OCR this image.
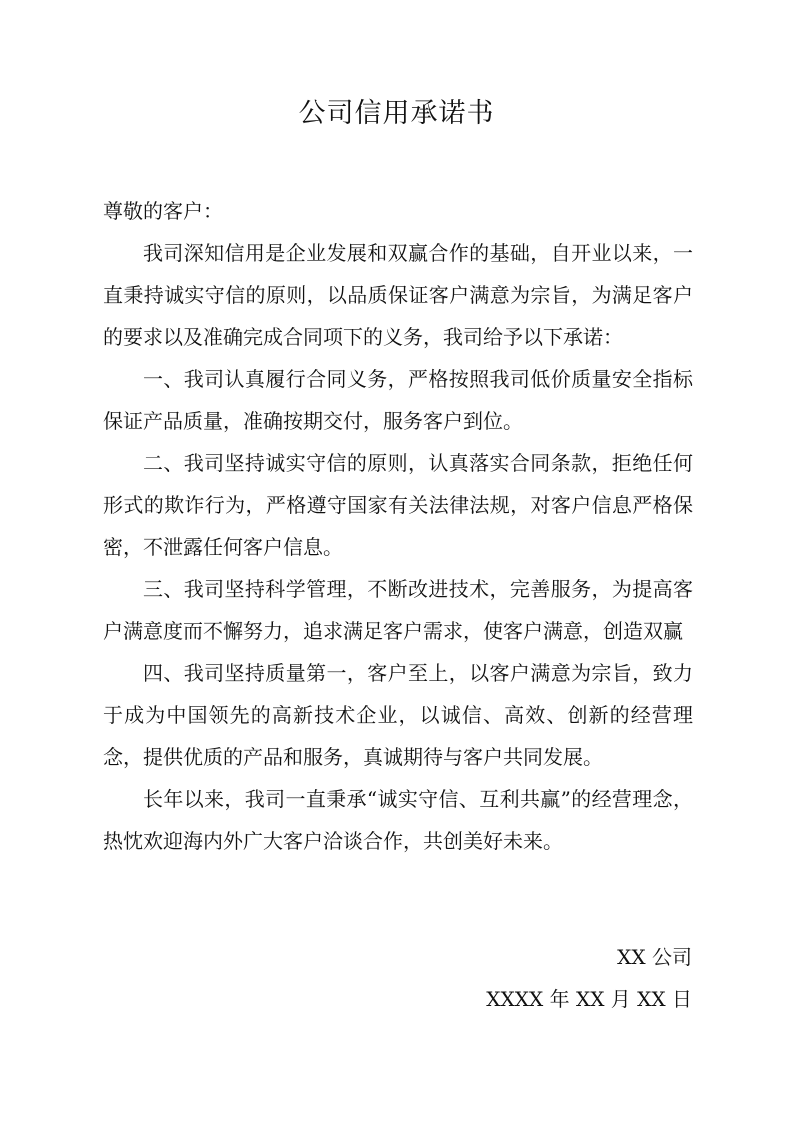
公司信用承诺书

尊敬的客户：

我司深知信用是企业发展和双赢合作的基础，自开业以来，一直秉持诚实守信的原则，以品质保证客户满意为宗旨，为满足客户的要求以及准确完成合同项下的义务，我司给予以下承诺：

一、我司认真履行合同义务，严格按照我司低价质量安全指标保证产品质量，准确按期交付，服务客户到位。

二、我司坚持诚实守信的原则，认真落实合同条款，拒绝任何形式的欺诈行为，严格遵守国家有关法律法规，对客户信息严格保密，不泄露任何客户信息。

三、我司坚持科学管理，不断改进技术，完善服务，为提高客户满意度而不懈努力，追求满足客户需求，使客户满意，创造双赢

四、我司坚持质量第一，客户至上，以客户满意为宗旨，致力于成为中国领先的高新技术企业，以诚信、高效、创新的经营理念，提供优质的产品和服务，真诚期待与客户共同发展。

长年以来，我司一直秉承“诚实守信、互利共赢”的经营理念，热忱欢迎海内外广大客户洽谈合作，共创美好未来。

XX 公司
XXXX 年 XX 月 XX 日
